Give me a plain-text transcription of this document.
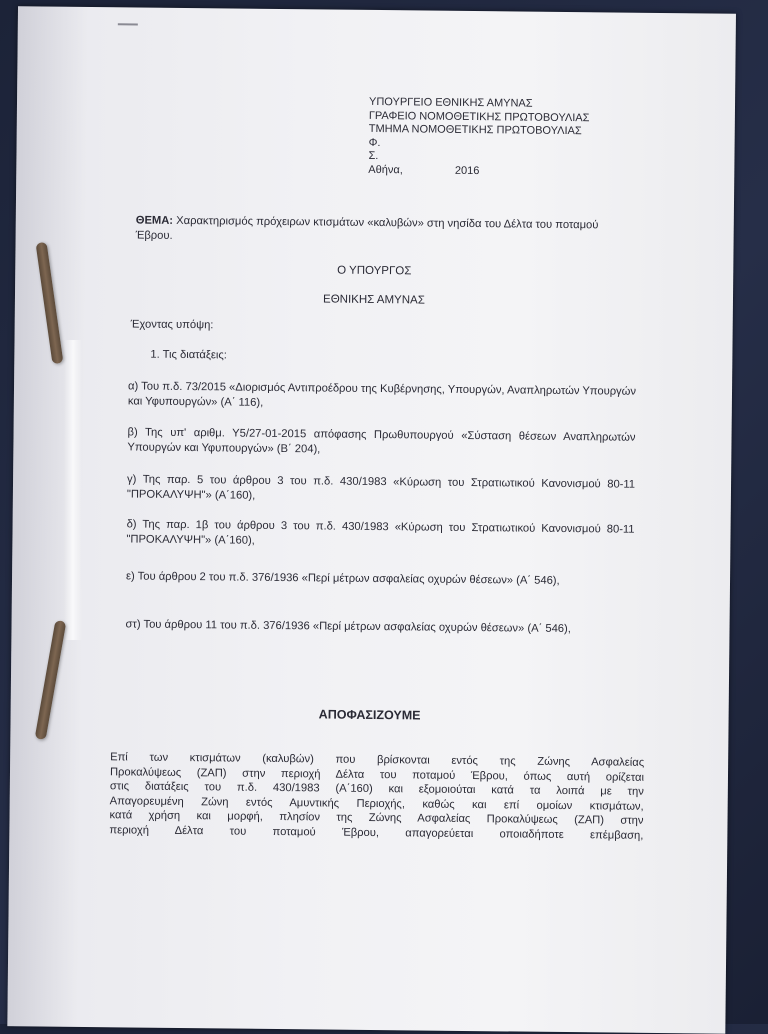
ΥΠΟΥΡΓΕΙΟ ΕΘΝΙΚΗΣ ΑΜΥΝΑΣ
ΓΡΑΦΕΙΟ ΝΟΜΟΘΕΤΙΚΗΣ ΠΡΩΤΟΒΟΥΛΙΑΣ
ΤΜΗΜΑ ΝΟΜΟΘΕΤΙΚΗΣ ΠΡΩΤΟΒΟΥΛΙΑΣ
Φ.
Σ.
Αθήνα,	2016
ΘΕΜΑ: Χαρακτηρισμός πρόχειρων κτισμάτων «καλυβών» στη νησίδα του Δέλτα του ποταμού Έβρου.
Ο ΥΠΟΥΡΓΟΣ
ΕΘΝΙΚΗΣ ΑΜΥΝΑΣ
Έχοντας υπόψη:
1. Τις διατάξεις:
α) Του π.δ. 73/2015 «Διορισμός Αντιπροέδρου της Κυβέρνησης, Υπουργών, Αναπληρωτών Υπουργών και Υφυπουργών» (Α΄ 116),
β) Της υπ' αριθμ. Υ5/27-01-2015 απόφασης Πρωθυπουργού «Σύσταση θέσεων Αναπληρωτών Υπουργών και Υφυπουργών» (Β΄ 204),
γ) Της παρ. 5 του άρθρου 3 του π.δ. 430/1983 «Κύρωση του Στρατιωτικού Κανονισμού 80-11 "ΠΡΟΚΑΛΥΨΗ"» (Α΄160),
δ) Της παρ. 1β του άρθρου 3 του π.δ. 430/1983 «Κύρωση του Στρατιωτικού Κανονισμού 80-11 "ΠΡΟΚΑΛΥΨΗ"» (Α΄160),
ε) Του άρθρου 2 του π.δ. 376/1936 «Περί μέτρων ασφαλείας οχυρών θέσεων» (Α΄ 546),
στ) Του άρθρου 11 του π.δ. 376/1936 «Περί μέτρων ασφαλείας οχυρών θέσεων» (Α΄ 546),
ΑΠΟΦΑΣΙΖΟΥΜΕ
Επί των κτισμάτων (καλυβών) που βρίσκονται εντός της Ζώνης Ασφαλείας
Προκαλύψεως (ΖΑΠ) στην περιοχή Δέλτα του ποταμού Έβρου, όπως αυτή ορίζεται
στις διατάξεις του π.δ. 430/1983 (Α΄160) και εξομοιούται κατά τα λοιπά με την
Απαγορευμένη Ζώνη εντός Αμυντικής Περιοχής, καθώς και επί ομοίων κτισμάτων,
κατά χρήση και μορφή, πλησίον της Ζώνης Ασφαλείας Προκαλύψεως (ΖΑΠ) στην
περιοχή Δέλτα του ποταμού Έβρου, απαγορεύεται οποιαδήποτε επέμβαση,
